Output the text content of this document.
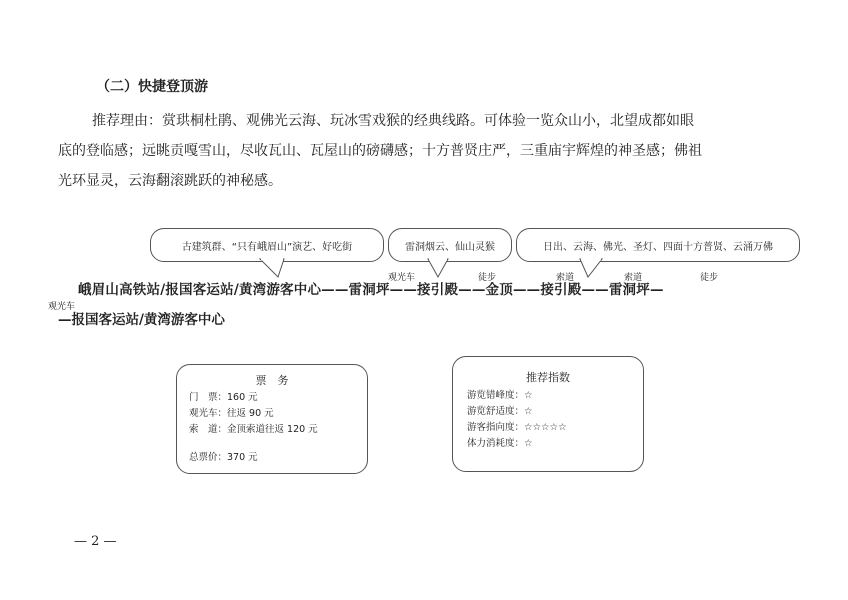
（二）快捷登顶游
推荐理由：赏珙桐杜鹃、观佛光云海、玩冰雪戏猴的经典线路。可体验一览众山小，北望成都如眼
底的登临感；远眺贡嘎雪山，尽收瓦山、瓦屋山的磅礴感；十方普贤庄严，三重庙宇辉煌的神圣感；佛祖
光环显灵，云海翻滚跳跃的神秘感。
古建筑群、“只有峨眉山”演艺、好吃街	雷洞烟云、仙山灵猴	日出、云海、佛光、圣灯、四面十方普贤、云涌万佛
观光车	徒步	索道	索道	徒步
观光车
峨眉山高铁站/报国客运站/黄湾游客中心——雷洞坪——接引殿——金顶——接引殿——雷洞坪—
—报国客运站/黄湾游客中心
票　务
门　票：160 元
观光车：往返 90 元
索　道：金顶索道往返 120 元
总票价：370 元
推荐指数
游览错峰度：☆
游览舒适度：☆
游客指向度：☆☆☆☆☆
体力消耗度：☆
— 2 —
